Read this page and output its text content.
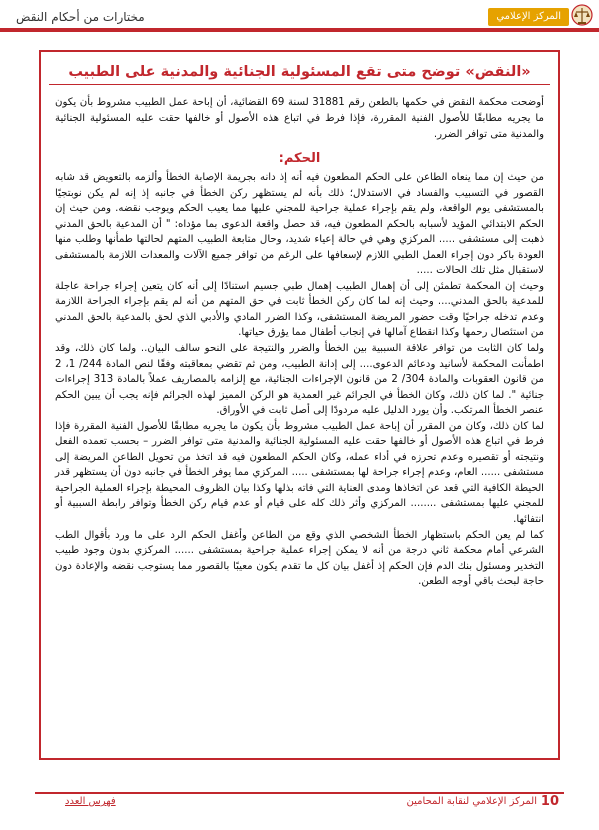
مختارات من أحكام النقض	المركز الإعلامي
«النقض» توضح متى تقع المسئولية الجنائية والمدنية على الطبيب

أوضحت محكمة النقض في حكمها بالطعن رقم 31881 لسنة 69 القضائية، أن إباحة عمل الطبيب مشروط بأن يكون ما يجريه مطابقًا للأصول الفنية المقررة، فإذا فرط في اتباع هذه الأصول أو خالفها حقت عليه المسئولية الجنائية والمدنية متى توافر الضرر.

الحكم:

من حيث إن مما ينعاه الطاعن على الحكم المطعون فيه أنه إذ دانه بجريمة الإصابة الخطأ وألزمه بالتعويض قد شابه القصور في التسبيب والفساد في الاستدلال؛ ذلك بأنه لم يستظهر ركن الخطأ في جانبه إذ إنه لم يكن نوبتجيًا بالمستشفى يوم الواقعة، ولم يقم بإجراء عملية جراحية للمجني عليها مما يعيب الحكم ويوجب نقضه. ومن حيث إن الحكم الابتدائي المؤيد لأسبابه بالحكم المطعون فيه، قد حصل واقعة الدعوى بما مؤداه: " أن المدعية بالحق المدني ذهبت إلى مستشفى ..... المركزي وهي في حالة إعياء شديد، وحال متابعة الطبيب المتهم لحالتها طمأنها وطلب منها العودة باكر دون إجراء العمل الطبي اللازم لإسعافها على الرغم من توافر جميع الآلات والمعدات اللازمة بالمستشفى لاستقبال مثل تلك الحالات .....

وحيث إن المحكمة تطمئن إلى أن إهمال الطبيب إهمال طبي جسيم استنادًا إلى أنه كان يتعين إجراء جراحة عاجلة للمدعية بالحق المدني.... وحيث إنه لما كان ركن الخطأ ثابت في حق المتهم من أنه لم يقم بإجراء الجراحة اللازمة وعدم تدخله جراحيًا وقت حضور المريضة المستشفى، وكذا الضرر المادي والأدبي الذي لحق بالمدعية بالحق المدني من استئصال رحمها وكذا انقطاع آمالها في إنجاب أطفال مما يؤرق حياتها.

ولما كان الثابت من توافر علاقة السببية بين الخطأ والضرر والنتيجة على النحو سالف البيان.. ولما كان ذلك، وقد اطمأنت المحكمة لأسانيد ودعائم الدعوى.... إلى إدانة الطبيب، ومن ثم تقضي بمعاقبته وفقًا لنص المادة 244/ 1، 2 من قانون العقوبات والمادة 304/ 2 من قانون الإجراءات الجنائية، مع إلزامه بالمصاريف عملاً بالمادة 313 إجراءات جنائية ". لما كان ذلك، وكان الخطأ في الجرائم غير العمدية هو الركن المميز لهذه الجرائم فإنه يجب أن يبين الحكم عنصر الخطأ المرتكب. وأن يورد الدليل عليه مردودًا إلى أصل ثابت في الأوراق.

لما كان ذلك، وكان من المقرر أن إباحة عمل الطبيب مشروط بأن يكون ما يجريه مطابقًا للأصول الفنية المقررة فإذا فرط في اتباع هذه الأصول أو خالفها حقت عليه المسئولية الجنائية والمدنية متى توافر الضرر – بحسب تعمده الفعل ونتيجته أو تقصيره وعدم تحرزه في أداء عمله، وكان الحكم المطعون فيه قد اتخذ من تحويل الطاعن المريضة إلى مستشفى ...... العام، وعدم إجراء جراحة لها بمستشفى ..... المركزي مما يوفر الخطأ في جانبه دون أن يستظهر قدر الحيطة الكافية التي قعد عن اتخاذها ومدى العناية التي فاته بذلها وكذا بيان الظروف المحيطة بإجراء العملية الجراحية للمجني عليها بمستشفى ........ المركزي وأثر ذلك كله على قيام أو عدم قيام ركن الخطأ وتوافر رابطة السببية أو انتفائها.

كما لم يعن الحكم باستظهار الخطأ الشخصي الذي وقع من الطاعن وأغفل الحكم الرد على ما ورد بأقوال الطب الشرعي أمام محكمة ثاني درجة من أنه لا يمكن إجراء عملية جراحية بمستشفى ...... المركزي بدون وجود طبيب التخدير ومسئول بنك الدم فإن الحكم إذ أغفل بيان كل ما تقدم يكون معيبًا بالقصور مما يستوجب نقضه والإعادة دون حاجة لبحث باقي أوجه الطعن.

10
المركز الإعلامي لنقابة المحامين
فهرس العدد
